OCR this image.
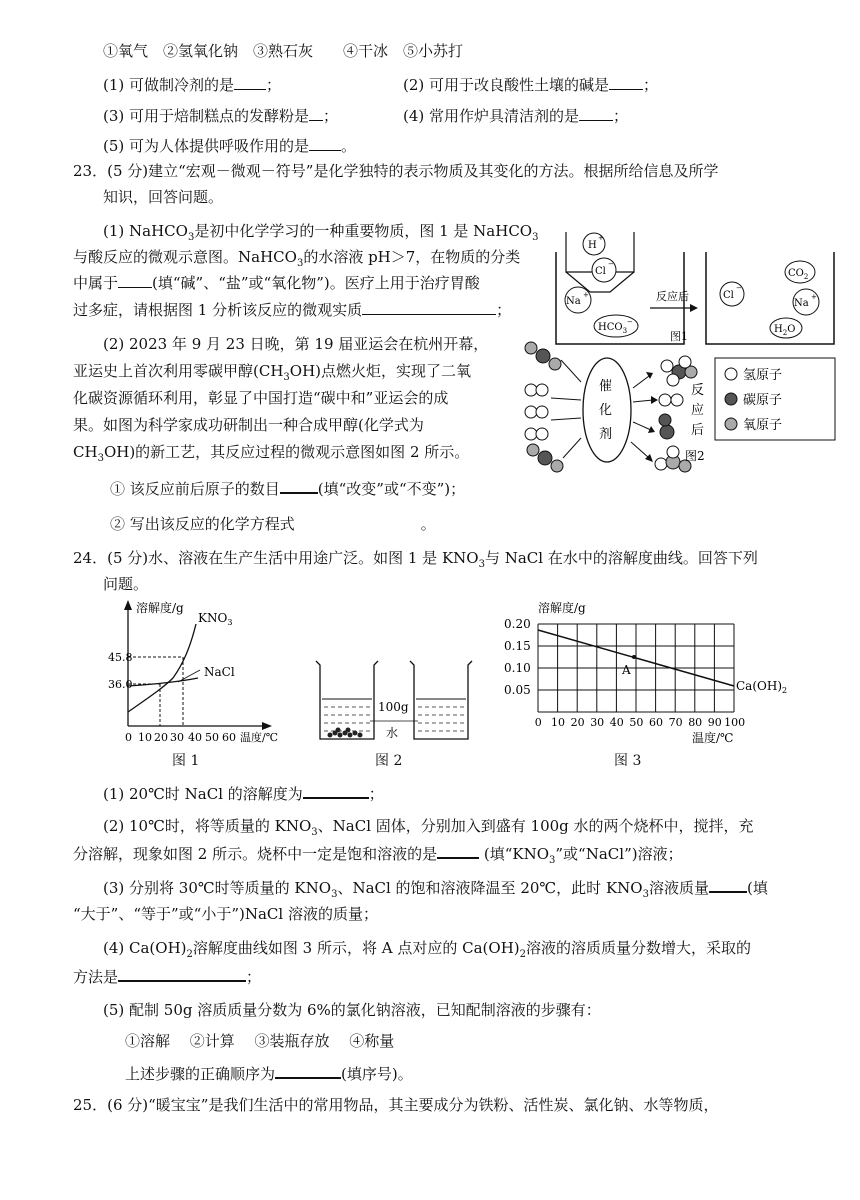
①氧气　②氢氧化钠　③熟石灰　　④干冰　⑤小苏打
(1) 可做制冷剂的是 ；	(2) 可用于改良酸性土壤的碱是 ；
(3) 可用于焙制糕点的发酵粉是 ；	(4) 常用作炉具清洁剂的是 ；
(5) 可为人体提供呼吸作用的是 。
23．(5 分)建立“宏观－微观－符号”是化学独特的表示物质及其变化的方法。根据所给信息及所学
知识，回答问题。
(1) NaHCO$_3$是初中化学学习的一种重要物质，图 1 是 NaHCO$_3$
与酸反应的微观示意图。NaHCO$_3$的水溶液 pH＞7，在物质的分类
中属于 (填“碱”、“盐”或“氧化物”)。医疗上用于治疗胃酸
过多症，请根据图 1 分析该反应的微观实质	；
(2) 2023 年 9 月 23 日晚，第 19 届亚运会在杭州开幕，
亚运史上首次利用零碳甲醇$(CH_3OH)$点燃火炬，实现了二氧
化碳资源循环利用，彰显了中国打造“碳中和”亚运会的成
果。如图为科学家成功研制出一种合成甲醇(化学式为
$CH_3OH$)的新工艺，其反应过程的微观示意图如图 2 所示。
① 该反应前后原子的数目	(填“改变”或“不变”)；
② 写出该反应的化学方程式	。
H
+
Cl
−
Na
+
$HCO_3^-$
反应后
图1
$CO_2$
Cl
−
Na
+
$H_2O$
催
化
剂
反
应
后
图2
氢原子
碳原子
氧原子
24．(5 分)水、溶液在生产生活中用途广泛。如图 1 是 $KNO_3$与 NaCl 在水中的溶解度曲线。回答下列
问题。
溶解度/g
45.8
36.0
$KNO_3$
NaCl
0 10 20 30 40 50 60 温度/℃
图 1
100g
水
图 2
溶解度/g
0.20
0.15
0.10
0.05
A
$Ca(OH)_2$
0 10 20 30 40 50 60 70 80 90 100
温度/℃
图 3
(1) 20℃时 NaCl 的溶解度为	；
(2) 10℃时，将等质量的 $KNO_3$、NaCl 固体，分别加入到盛有 100g 水的两个烧杯中，搅拌，充
分溶解，现象如图 2 所示。烧杯中一定是饱和溶液的是	(填“$KNO_3$”或“NaCl”)溶液；
(3) 分别将 30℃时等质量的 $KNO_3$、NaCl 的饱和溶液降温至 20℃，此时 $KNO_3$溶液质量	(填
“大于”、“等于”或“小于”)NaCl 溶液的质量；
(4) $Ca(OH)_2$溶解度曲线如图 3 所示，将 A 点对应的 $Ca(OH)_2$溶液的溶质质量分数增大，采取的
方法是	；
(5) 配制 50g 溶质质量分数为 6%的氯化钠溶液，已知配制溶液的步骤有：
①溶解　 ②计算　 ③装瓶存放　 ④称量
上述步骤的正确顺序为	(填序号)。
25．(6 分)“暖宝宝”是我们生活中的常用物品，其主要成分为铁粉、活性炭、氯化钠、水等物质，
